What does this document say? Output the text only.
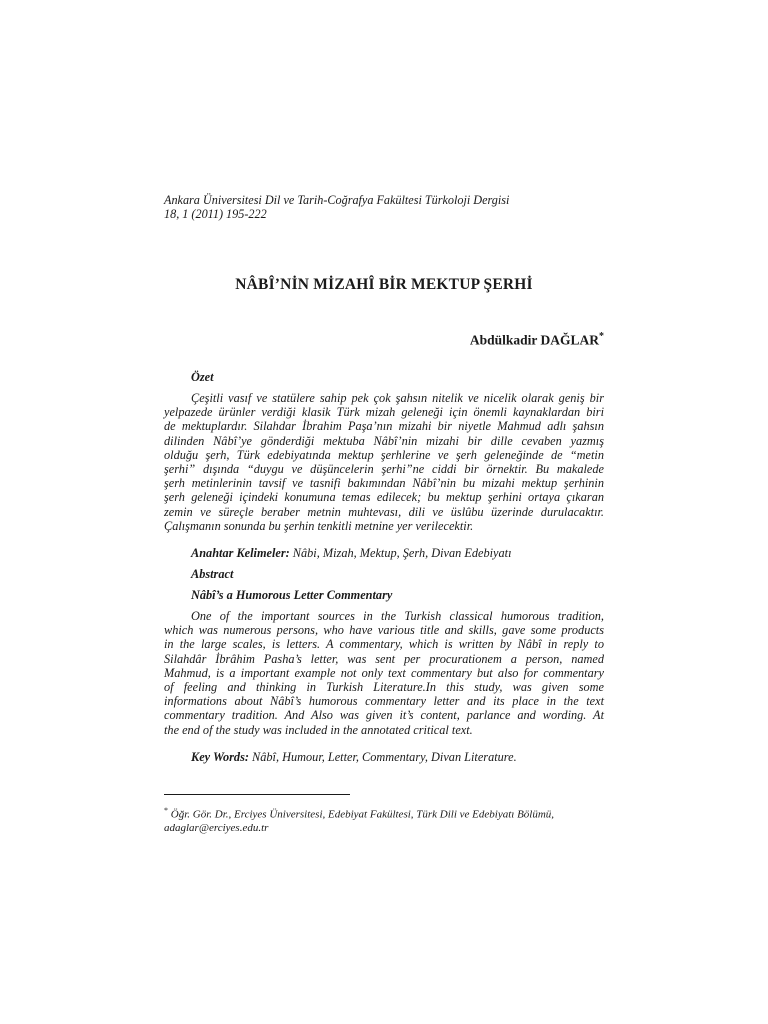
Ankara Üniversitesi Dil ve Tarih-Coğrafya Fakültesi Türkoloji Dergisi
18, 1 (2011) 195-222
NÂBÎ’NİN MİZAHÎ BİR MEKTUP ŞERHİ
Abdülkadir DAĞLAR*
Özet
Çeşitli vasıf ve statülere sahip pek çok şahsın nitelik ve nicelik olarak geniş bir
yelpazede ürünler verdiği klasik Türk mizah geleneği için önemli kaynaklardan biri
de mektuplardır. Silahdar İbrahim Paşa’nın mizahi bir niyetle Mahmud adlı şahsın
dilinden Nâbî’ye gönderdiği mektuba Nâbî’nin mizahi bir dille cevaben yazmış
olduğu şerh, Türk edebiyatında mektup şerhlerine ve şerh geleneğinde de “metin
şerhi” dışında “duygu ve düşüncelerin şerhi”ne ciddi bir örnektir. Bu makalede
şerh metinlerinin tavsif ve tasnifi bakımından Nâbî’nin bu mizahi mektup şerhinin
şerh geleneği içindeki konumuna temas edilecek; bu mektup şerhini ortaya çıkaran
zemin ve süreçle beraber metnin muhtevası, dili ve üslûbu üzerinde durulacaktır.
Çalışmanın sonunda bu şerhin tenkitli metnine yer verilecektir.
Anahtar Kelimeler: Nâbi, Mizah, Mektup, Şerh, Divan Edebiyatı
Abstract
Nâbî’s a Humorous Letter Commentary
One of the important sources in the Turkish classical humorous tradition,
which was numerous persons, who have various title and skills, gave some products
in the large scales, is letters. A commentary, which is written by Nâbî in reply to
Silahdâr İbrâhim Pasha’s letter, was sent per procurationem a person, named
Mahmud, is a important example not only text commentary but also for commentary
of feeling and thinking in Turkish Literature.In this study, was given some
informations about Nâbî’s humorous commentary letter and its place in the text
commentary tradition. And Also was given it’s content, parlance and wording. At
the end of the study was included in the annotated critical text.
Key Words: Nâbî, Humour, Letter, Commentary, Divan Literature.
* Öğr. Gör. Dr., Erciyes Üniversitesi, Edebiyat Fakültesi, Türk Dili ve Edebiyatı Bölümü,
adaglar@erciyes.edu.tr
